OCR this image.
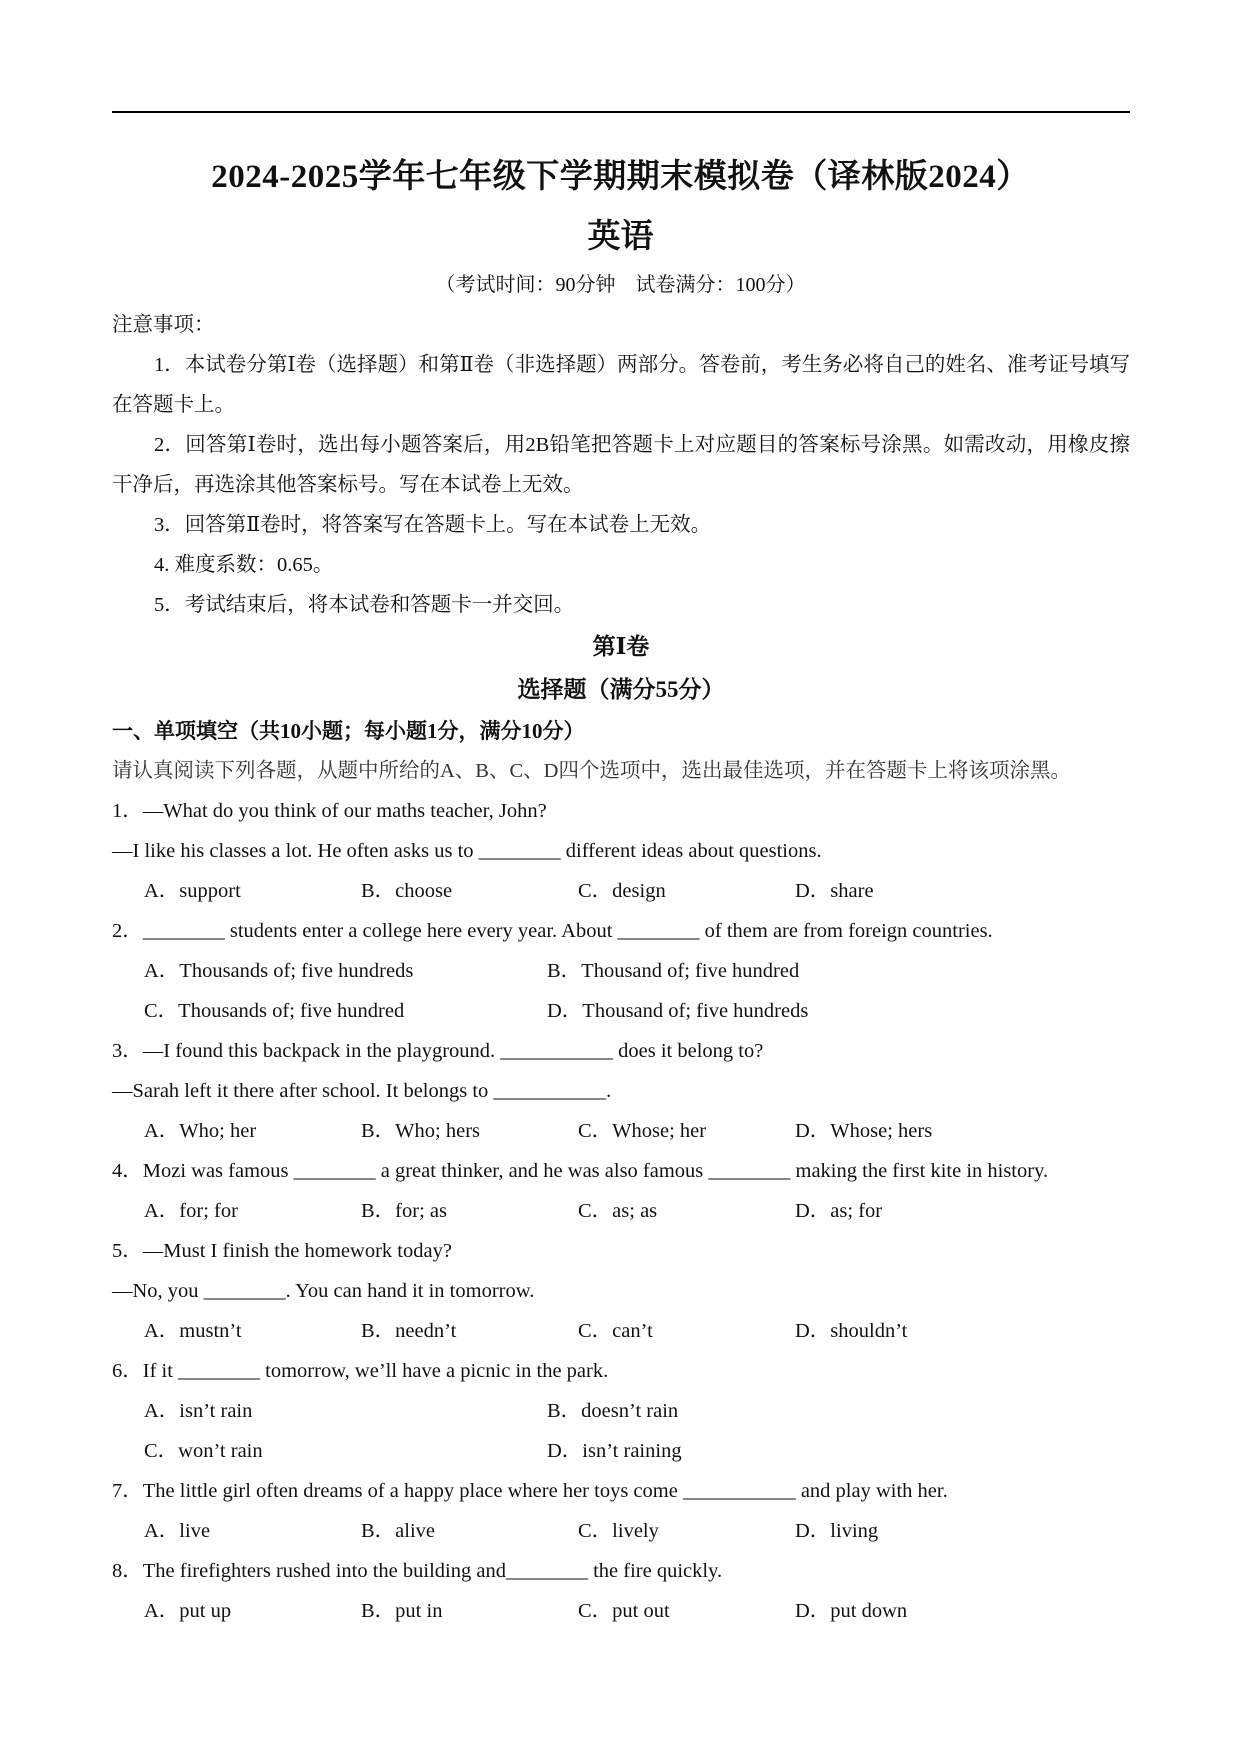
2024-2025学年七年级下学期期末模拟卷（译林版2024）
英语
（考试时间：90分钟　试卷满分：100分）

注意事项：

1．本试卷分第Ⅰ卷（选择题）和第Ⅱ卷（非选择题）两部分。答卷前，考生务必将自己的姓名、准考证号填写在答题卡上。

2．回答第Ⅰ卷时，选出每小题答案后，用2B铅笔把答题卡上对应题目的答案标号涂黑。如需改动，用橡皮擦干净后，再选涂其他答案标号。写在本试卷上无效。

3．回答第Ⅱ卷时，将答案写在答题卡上。写在本试卷上无效。

4. 难度系数：0.65。

5．考试结束后，将本试卷和答题卡一并交回。

第Ⅰ卷

选择题（满分55分）

一、单项填空（共10小题；每小题1分，满分10分）

请认真阅读下列各题，从题中所给的A、B、C、D四个选项中，选出最佳选项，并在答题卡上将该项涂黑。

1．—What do you think of our maths teacher, John?

—I like his classes a lot. He often asks us to ________ different ideas about questions.

A．support	B．choose	C．design	D．share

2．________ students enter a college here every year. About ________ of them are from foreign countries.

A．Thousands of; five hundreds	B．Thousand of; five hundred
C．Thousands of; five hundred	D．Thousand of; five hundreds

3．—I found this backpack in the playground. ___________ does it belong to?

—Sarah left it there after school. It belongs to ___________.

A．Who; her	B．Who; hers	C．Whose; her	D．Whose; hers

4．Mozi was famous ________ a great thinker, and he was also famous ________ making the first kite in history.

A．for; for	B．for; as	C．as; as	D．as; for

5．—Must I finish the homework today?

—No, you ________. You can hand it in tomorrow.

A．mustn’t	B．needn’t	C．can’t	D．shouldn’t

6．If it ________ tomorrow, we’ll have a picnic in the park.

A．isn’t rain	B．doesn’t rain
C．won’t rain	D．isn’t raining

7．The little girl often dreams of a happy place where her toys come ___________ and play with her.

A．live	B．alive	C．lively	D．living

8．The firefighters rushed into the building and________ the fire quickly.

A．put up	B．put in	C．put out	D．put down
